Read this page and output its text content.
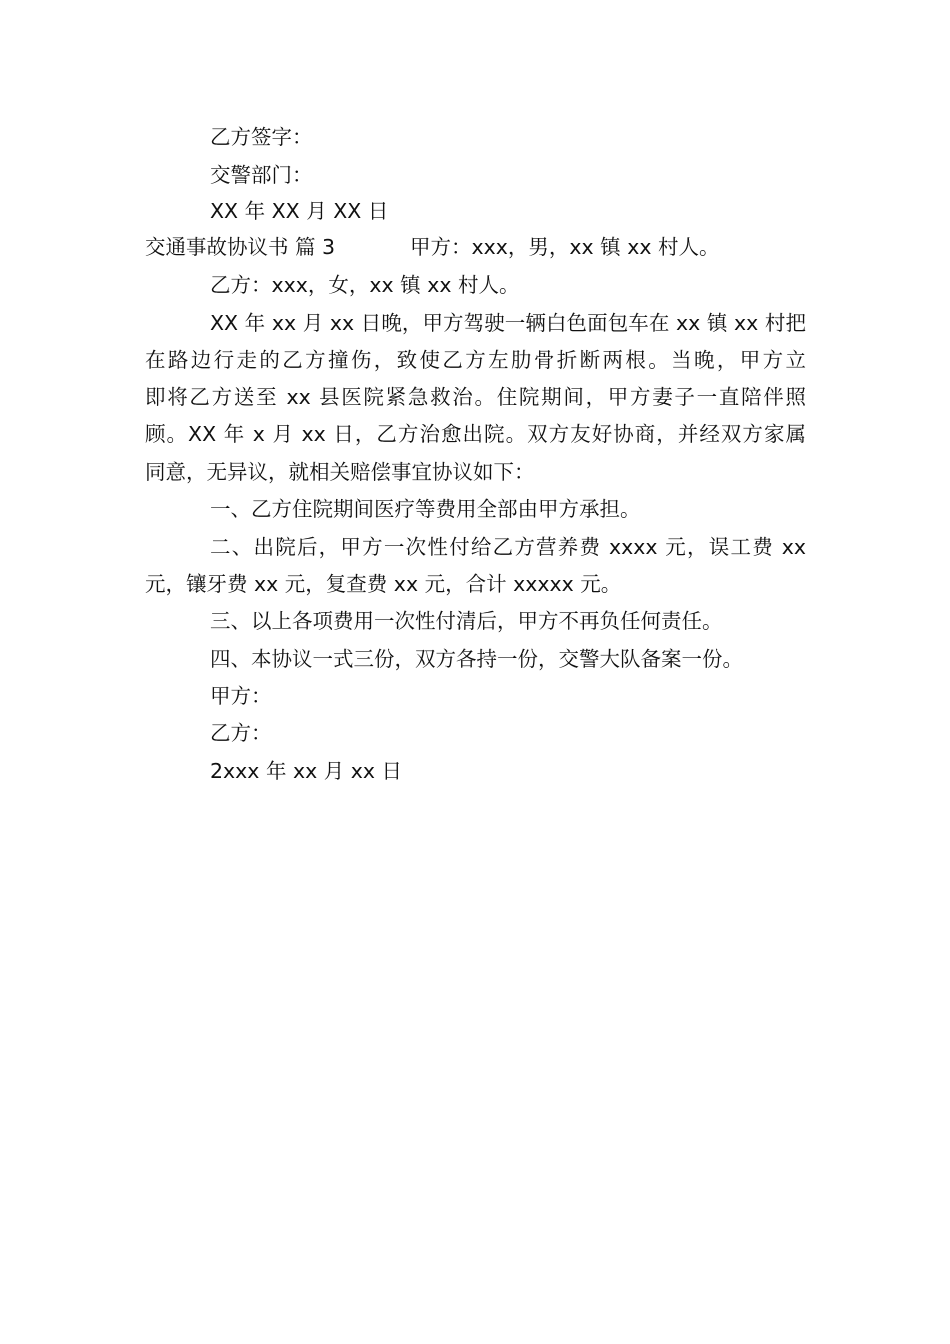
乙方签字：
交警部门：
XX 年 XX 月 XX 日
交通事故协议书 篇 3	甲方：xxx，男，xx 镇 xx 村人。
乙方：xxx，女，xx 镇 xx 村人。
XX 年 xx 月 xx 日晚，甲方驾驶一辆白色面包车在 xx 镇 xx 村把
在路边行走的乙方撞伤，致使乙方左肋骨折断两根。当晚，甲方立
即将乙方送至 xx 县医院紧急救治。住院期间，甲方妻子一直陪伴照
顾。XX 年 x 月 xx 日，乙方治愈出院。双方友好协商，并经双方家属
同意，无异议，就相关赔偿事宜协议如下：
一、乙方住院期间医疗等费用全部由甲方承担。
二、出院后，甲方一次性付给乙方营养费 xxxx 元，误工费 xx
元，镶牙费 xx 元，复查费 xx 元，合计 xxxxx 元。
三、以上各项费用一次性付清后，甲方不再负任何责任。
四、本协议一式三份，双方各持一份，交警大队备案一份。
甲方：
乙方：
2xxx 年 xx 月 xx 日
